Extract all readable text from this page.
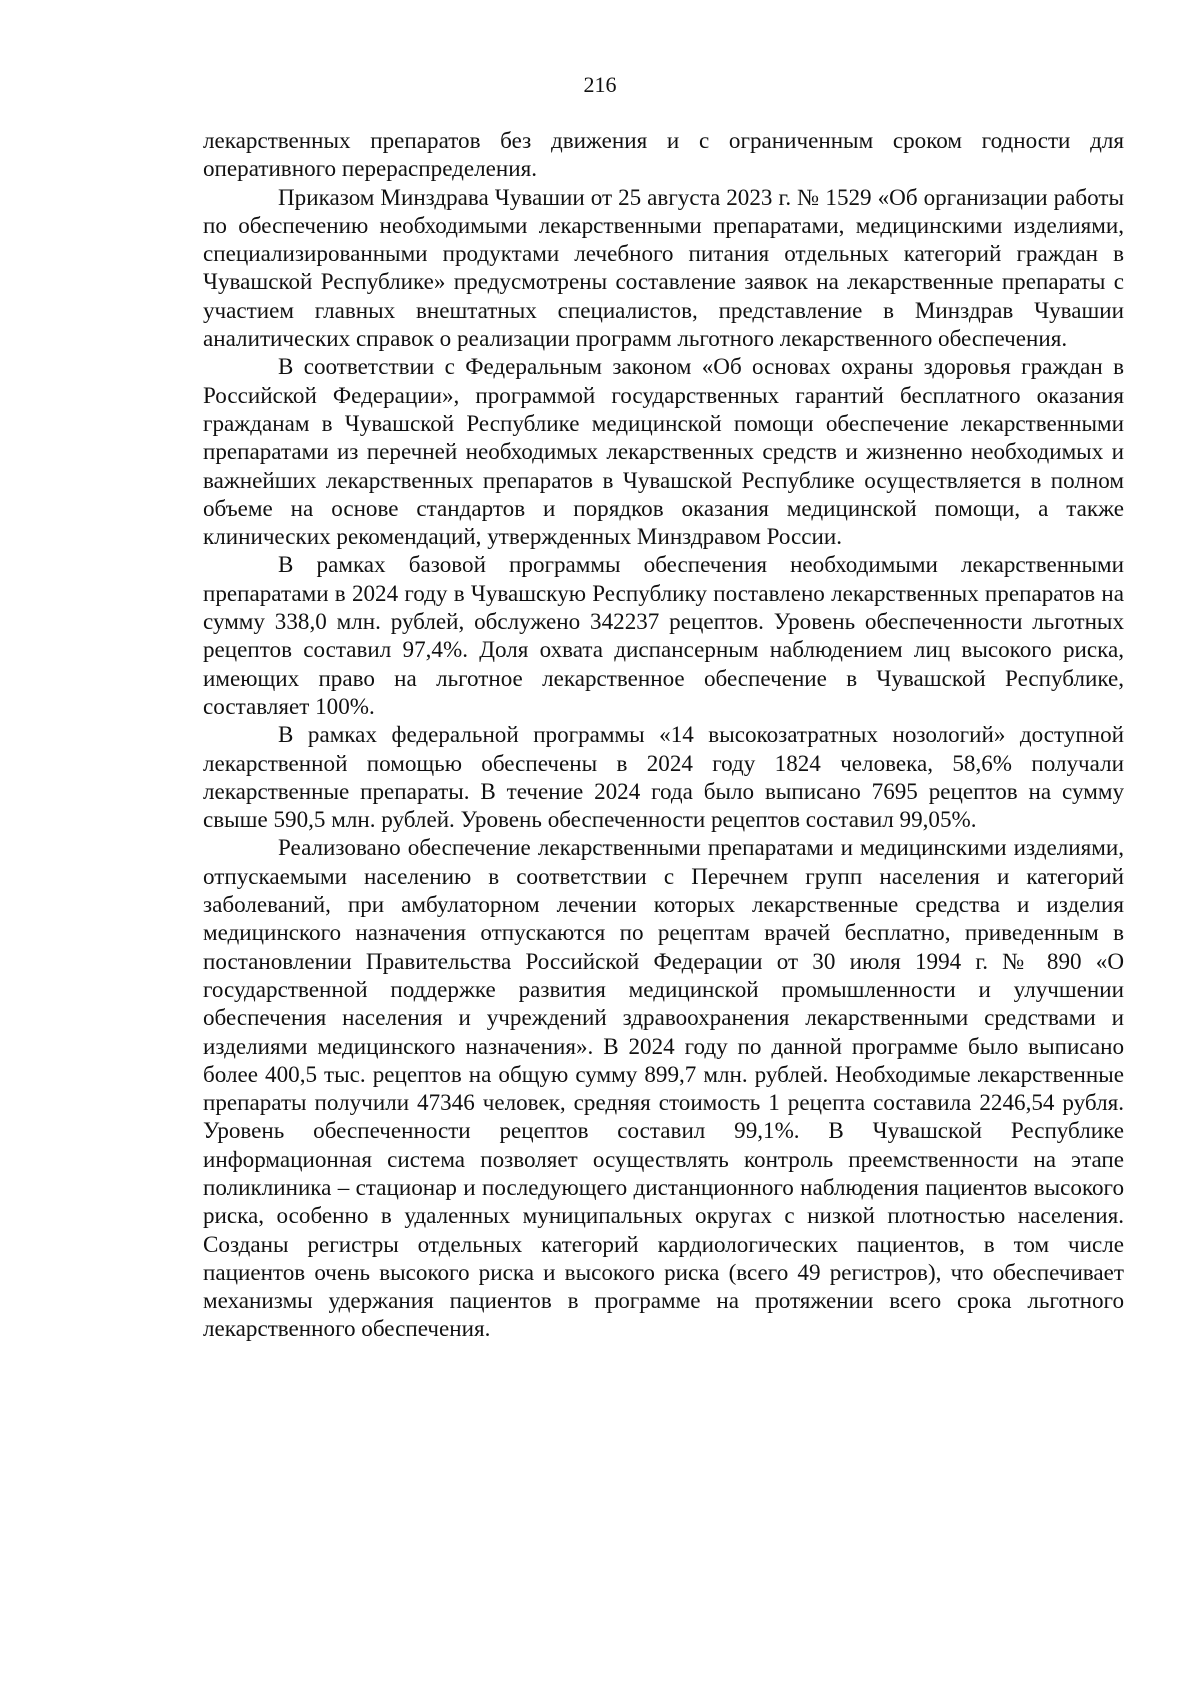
216

лекарственных препаратов без движения и с ограниченным сроком годности для оперативного перераспределения.

Приказом Минздрава Чувашии от 25 августа 2023 г. № 1529 «Об организации работы по обеспечению необходимыми лекарственными препаратами, медицинскими изделиями, специализированными продуктами лечебного питания отдельных категорий граждан в Чувашской Республике» предусмотрены составление заявок на лекарственные препараты с участием главных внештатных специалистов, представление в Минздрав Чувашии аналитических справок о реализации программ льготного лекарственного обеспечения.

В соответствии с Федеральным законом «Об основах охраны здоровья граждан в Российской Федерации», программой государственных гарантий бесплатного оказания гражданам в Чувашской Республике медицинской помощи обеспечение лекарственными препаратами из перечней необходимых лекарственных средств и жизненно необходимых и важнейших лекарственных препаратов в Чувашской Республике осуществляется в полном объеме на основе стандартов и порядков оказания медицинской помощи, а также клинических рекомендаций, утвержденных Минздравом России.

В рамках базовой программы обеспечения необходимыми лекарственными препаратами в 2024 году в Чувашскую Республику поставлено лекарственных препаратов на сумму 338,0 млн. рублей, обслужено 342237 рецептов. Уровень обеспеченности льготных рецептов составил 97,4%. Доля охвата диспансерным наблюдением лиц высокого риска, имеющих право на льготное лекарственное обеспечение в Чувашской Республике, составляет 100%.

В рамках федеральной программы «14 высокозатратных нозологий» доступной лекарственной помощью обеспечены в 2024 году 1824 человека, 58,6% получали лекарственные препараты. В течение 2024 года было выписано 7695 рецептов на сумму свыше 590,5 млн. рублей. Уровень обеспеченности рецептов составил 99,05%.

Реализовано обеспечение лекарственными препаратами и медицинскими изделиями, отпускаемыми населению в соответствии с Перечнем групп населения и категорий заболеваний, при амбулаторном лечении которых лекарственные средства и изделия медицинского назначения отпускаются по рецептам врачей бесплатно, приведенным в постановлении Правительства Российской Федерации от 30 июля 1994 г. № 890 «О государственной поддержке развития медицинской промышленности и улучшении обеспечения населения и учреждений здравоохранения лекарственными средствами и изделиями медицинского назначения». В 2024 году по данной программе было выписано более 400,5 тыс. рецептов на общую сумму 899,7 млн. рублей. Необходимые лекарственные препараты получили 47346 человек, средняя стоимость 1 рецепта составила 2246,54 рубля. Уровень обеспеченности рецептов составил 99,1%. В Чувашской Республике информационная система позволяет осуществлять контроль преемственности на этапе поликлиника – стационар и последующего дистанционного наблюдения пациентов высокого риска, особенно в удаленных муниципальных округах с низкой плотностью населения. Созданы регистры отдельных категорий кардиологических пациентов, в том числе пациентов очень высокого риска и высокого риска (всего 49 регистров), что обеспечивает механизмы удержания пациентов в программе на протяжении всего срока льготного лекарственного обеспечения.
